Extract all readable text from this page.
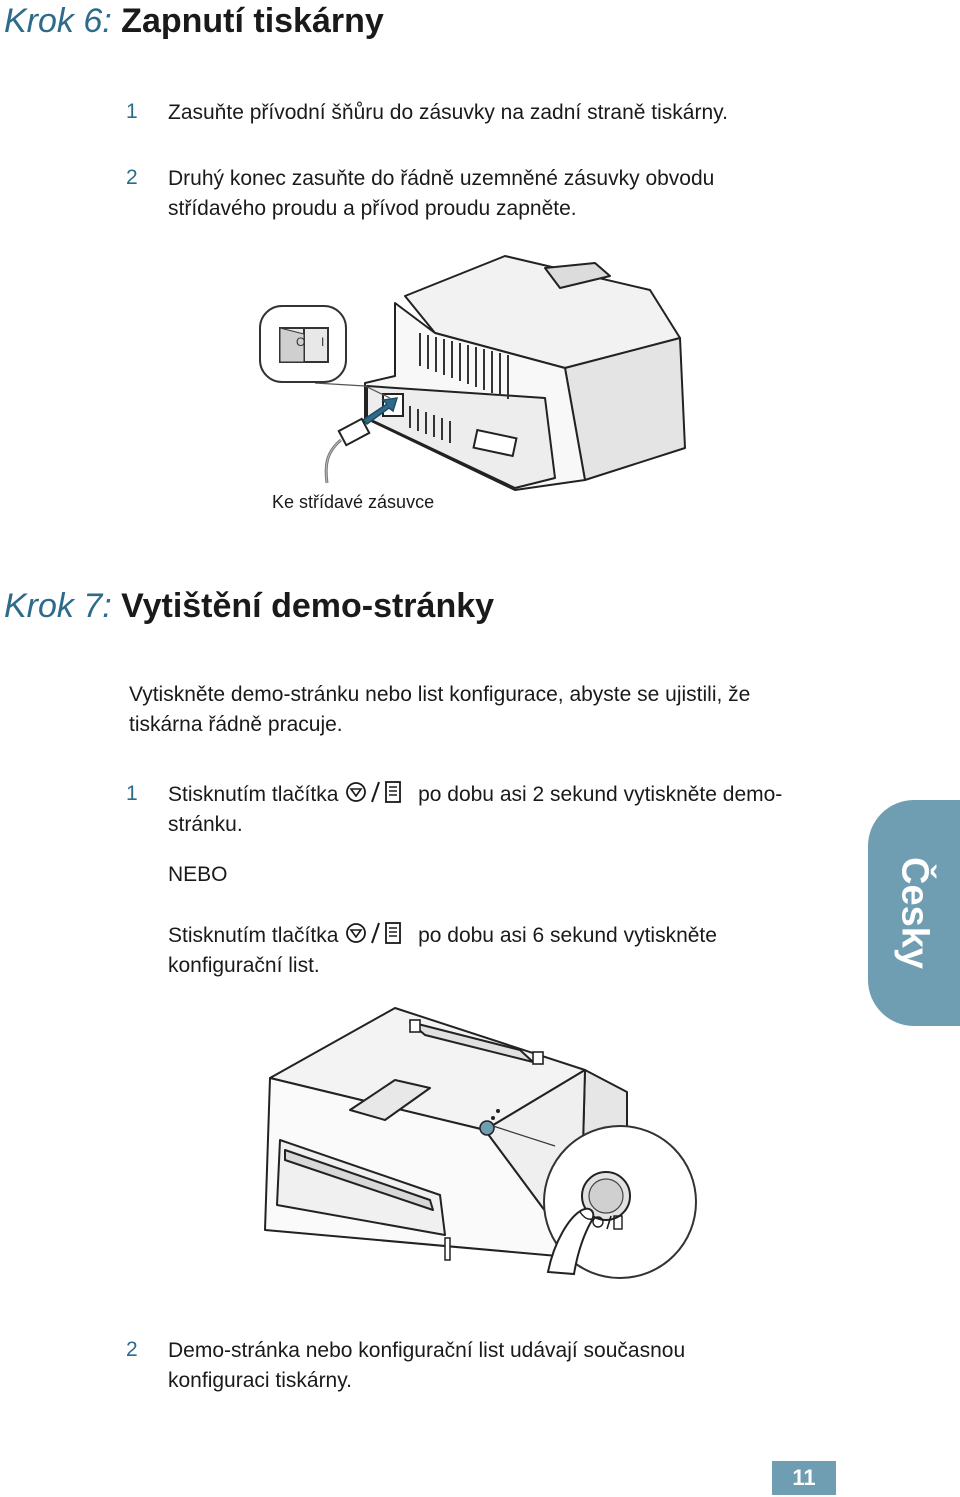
Krok 6: Zapnutí tiskárny
1 Zasuňte přívodní šňůru do zásuvky na zadní straně tiskárny.
2 Druhý konec zasuňte do řádně uzemněné zásuvky obvodu
střídavého proudu a přívod proudu zapněte.
O I
Ke střídavé zásuvce
Krok 7: Vytištění demo-stránky
Vytiskněte demo-stránku nebo list konfigurace, abyste se ujistili, že
tiskárna řádně pracuje.
1 Stisknutím tlačítka	po dobu asi 2 sekund vytiskněte demo-
stránku.
NEBO
Stisknutím tlačítka	po dobu asi 6 sekund vytiskněte
konfigurační list.	Česky
2 Demo-stránka nebo konfigurační list udávají současnou
konfiguraci tiskárny.
11
